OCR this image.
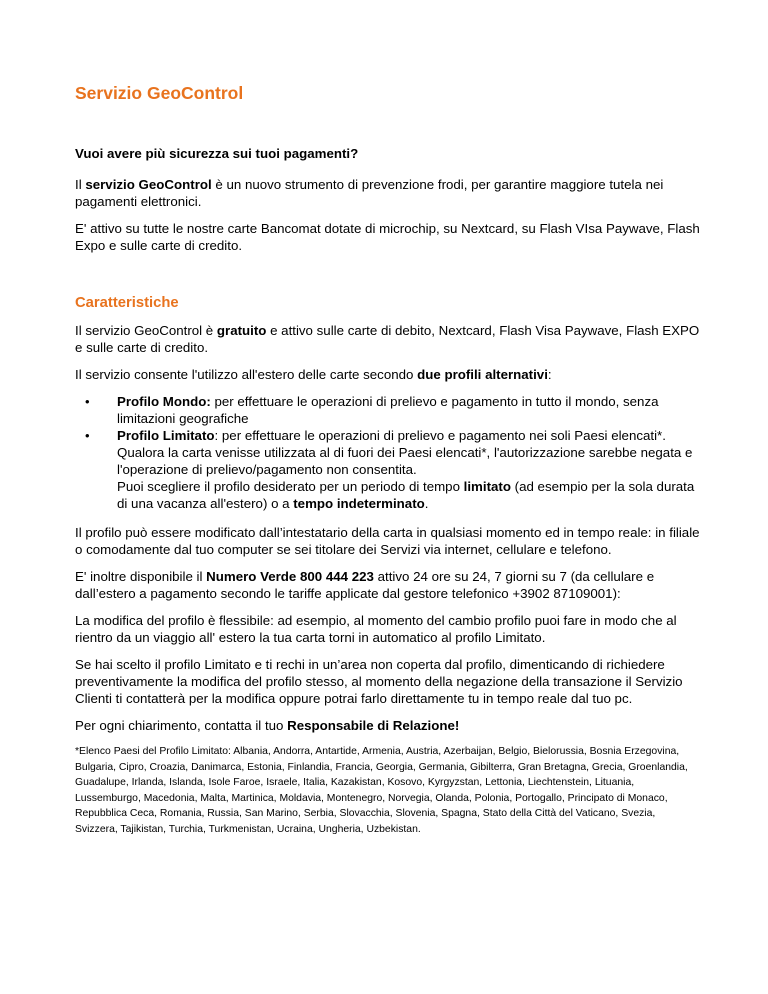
Servizio GeoControl

Vuoi avere più sicurezza sui tuoi pagamenti?

Il servizio GeoControl è un nuovo strumento di prevenzione frodi, per garantire maggiore tutela nei pagamenti elettronici.

E' attivo su tutte le nostre carte Bancomat dotate di microchip, su Nextcard, su Flash VIsa Paywave, Flash Expo e sulle carte di credito.

Caratteristiche

Il servizio GeoControl è gratuito e attivo sulle carte di debito, Nextcard, Flash Visa Paywave, Flash EXPO e sulle carte di credito.

Il servizio consente l'utilizzo all'estero delle carte secondo due profili alternativi:

• Profilo Mondo: per effettuare le operazioni di prelievo e pagamento in tutto il mondo, senza limitazioni geografiche
• Profilo Limitato: per effettuare le operazioni di prelievo e pagamento nei soli Paesi elencati*. Qualora la carta venisse utilizzata al di fuori dei Paesi elencati*, l'autorizzazione sarebbe negata e l'operazione di prelievo/pagamento non consentita.
Puoi scegliere il profilo desiderato per un periodo di tempo limitato (ad esempio per la sola durata di una vacanza all'estero) o a tempo indeterminato.

Il profilo può essere modificato dall’intestatario della carta in qualsiasi momento ed in tempo reale: in filiale o comodamente dal tuo computer se sei titolare dei Servizi via internet, cellulare e telefono.

E' inoltre disponibile il Numero Verde 800 444 223 attivo 24 ore su 24, 7 giorni su 7 (da cellulare e dall’estero a pagamento secondo le tariffe applicate dal gestore telefonico +3902 87109001):

La modifica del profilo è flessibile: ad esempio, al momento del cambio profilo puoi fare in modo che al rientro da un viaggio all' estero la tua carta torni in automatico al profilo Limitato.

Se hai scelto il profilo Limitato e ti rechi in un’area non coperta dal profilo, dimenticando di richiedere preventivamente la modifica del profilo stesso, al momento della negazione della transazione il Servizio Clienti ti contatterà per la modifica oppure potrai farlo direttamente tu in tempo reale dal tuo pc.

Per ogni chiarimento, contatta il tuo Responsabile di Relazione!

*Elenco Paesi del Profilo Limitato: Albania, Andorra, Antartide, Armenia, Austria, Azerbaijan, Belgio, Bielorussia, Bosnia Erzegovina, Bulgaria, Cipro, Croazia, Danimarca, Estonia, Finlandia, Francia, Georgia, Germania, Gibilterra, Gran Bretagna, Grecia, Groenlandia, Guadalupe, Irlanda, Islanda, Isole Faroe, Israele, Italia, Kazakistan, Kosovo, Kyrgyzstan, Lettonia, Liechtenstein, Lituania, Lussemburgo, Macedonia, Malta, Martinica, Moldavia, Montenegro, Norvegia, Olanda, Polonia, Portogallo, Principato di Monaco, Repubblica Ceca, Romania, Russia, San Marino, Serbia, Slovacchia, Slovenia, Spagna, Stato della Città del Vaticano, Svezia, Svizzera, Tajikistan, Turchia, Turkmenistan, Ucraina, Ungheria, Uzbekistan.
